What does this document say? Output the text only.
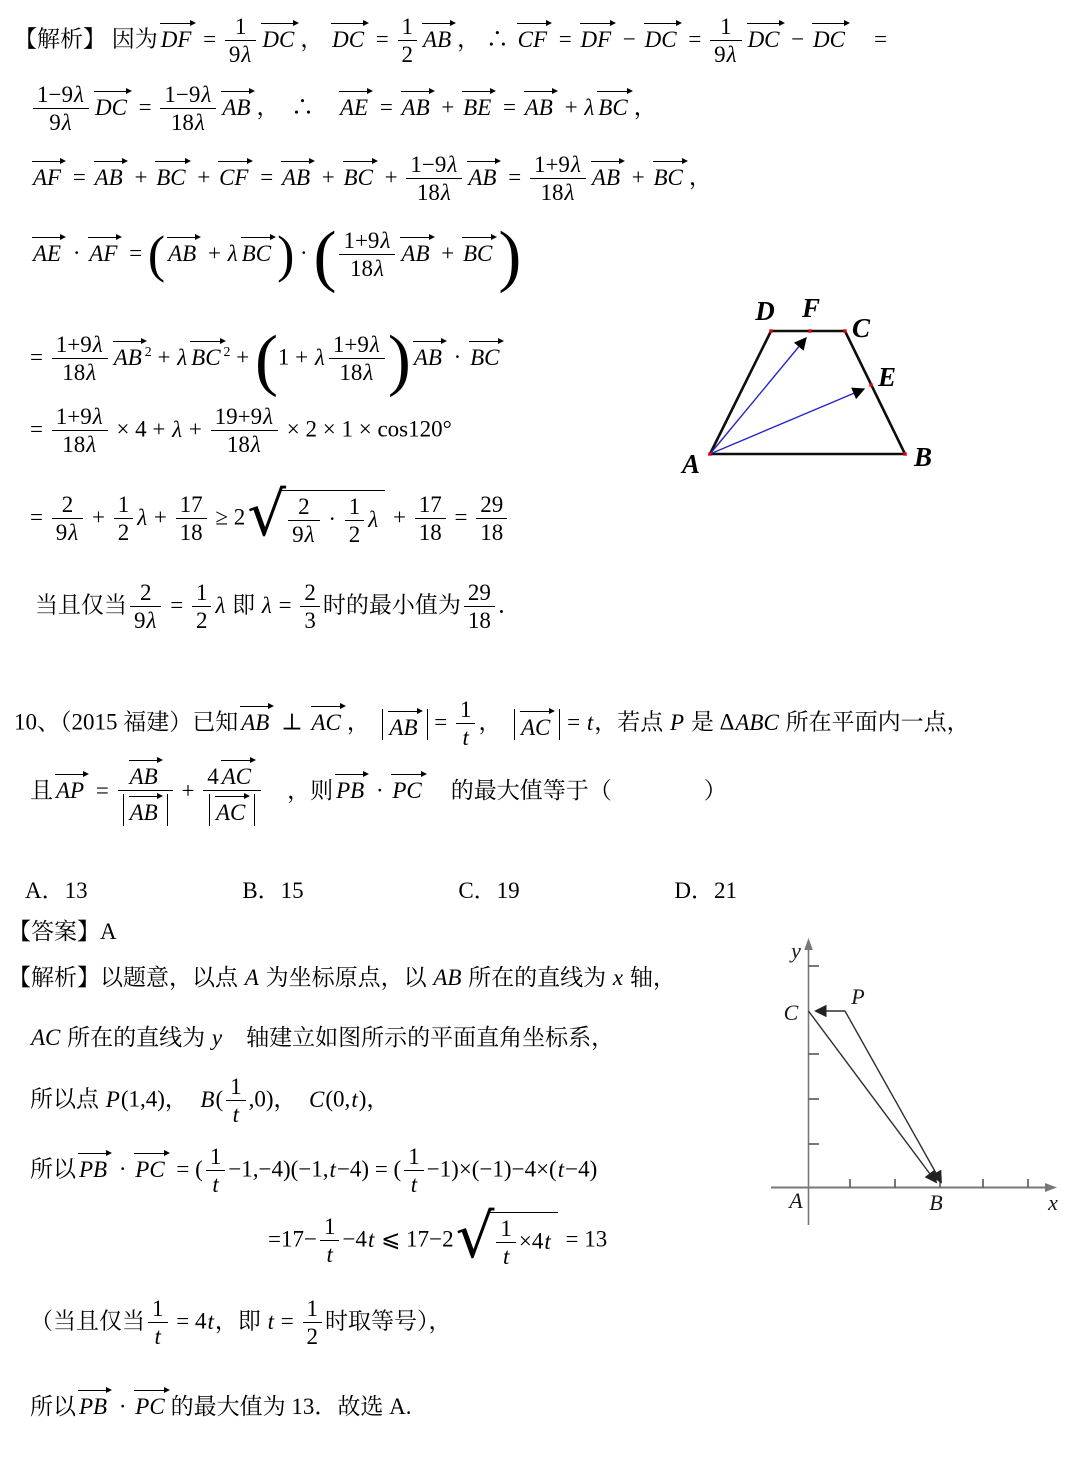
【解析】 因为 DF = $\frac{1}{9\lambda}$ DC ， DC = $\frac{1}{2}$ AB ， ∴ CF = DF − DC = $\frac{1}{9\lambda}$ DC − DC　=
$\frac{1-9\lambda}{9\lambda}$ DC = $\frac{1-9\lambda}{18\lambda}$ AB ，　∴　AE = AB + BE = AB + λ BC ，
AF = AB + BC + CF = AB + BC + $\frac{1-9\lambda}{18\lambda}$ AB = $\frac{1+9\lambda}{18\lambda}$ AB + BC ，
AE · AF = ( AB + λ BC ) · ( $\frac{1+9\lambda}{18\lambda}$ AB + BC)
= $\frac{1+9\lambda}{18\lambda}$ AB $^2$ + λ BC $^2$ + (1 + λ $\frac{1+9\lambda}{18\lambda}$ ) AB · BC
= $\frac{1+9\lambda}{18\lambda} \times 4 + \lambda + \frac{19+9\lambda}{18\lambda} \times 2 \times 1 \times \cos 120^\circ$
= $\frac{2}{9\lambda} + \frac{1}{2}$ $\lambda + \frac{17}{18} \ge 2$ √ $\frac{2}{9\lambda} \cdot \frac{1}{2}$ $\lambda + \frac{17}{18} = \frac{29}{18}$
当且仅当 $\frac{2}{9\lambda} = \frac{1}{2}$ λ 即 $\lambda = \frac{2}{3}$ 时的最小值为 $\frac{29}{18}$ ．
D F
C
E
A	B
10、（2015 福建）已知 AB ⊥ AC ，　 AB = $\frac{1}{t}$ ，　 AC = t，若点 P 是 ΔABC 所在平面内一点，
且 AP = $\frac{AB}{AB} + \frac{4 AC}{AC}$ 　，则 PB · PC　的最大值等于（　　　　）
A．13	B．15	C．19	D．21
【答案】A
【解析】以题意，以点 A 为坐标原点，以 AB 所在的直线为 x 轴，
AC 所在的直线为 y　轴建立如图所示的平面直角坐标系，
所以点 P(1,4)，　$B( \frac{1}{t} ,0)$，　C(0,t)，
所以 PB · PC = ( $\frac{1}{t} -1,-4)(-1,t-4)$ = ( $\frac{1}{t} -1)\times(-1)-4\times(t-4)$
$=17- \frac{1}{t} -4t$ ⩽ 17−2 √ $\frac{1}{t} \times 4t = 13$
（当且仅当 $\frac{1}{t} = 4t$，即 $t = \frac{1}{2}$ 时取等号），
所以 PB · PC 的最大值为 13．故选 A.
y
x
A	B
C
P
